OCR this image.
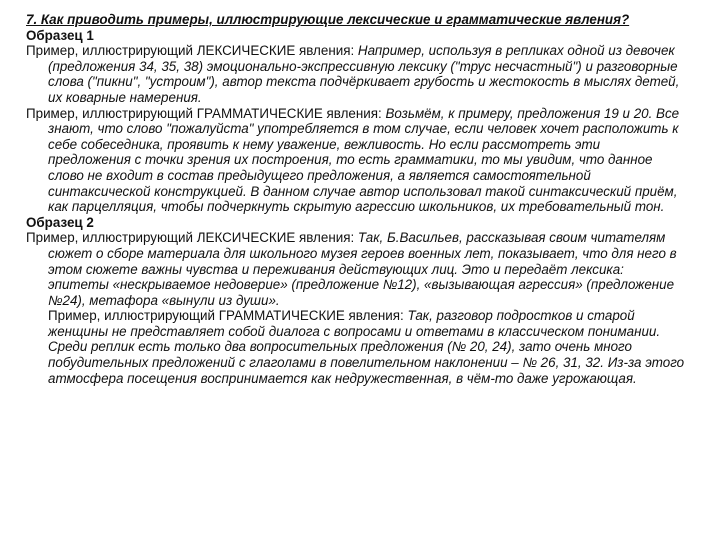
7. Как приводить примеры, иллюстрирующие лексические и грамматические явления?

Образец 1

Пример, иллюстрирующий ЛЕКСИЧЕСКИЕ явления: Например, используя в репликах одной из девочек (предложения 34, 35, 38) эмоционально-экспрессивную лексику ("трус несчастный") и разговорные слова ("пикни", "устроим"), автор текста подчёркивает грубость и жестокость в мыслях детей, их коварные намерения.

Пример, иллюстрирующий ГРАММАТИЧЕСКИЕ явления: Возьмём, к примеру, предложения 19 и 20. Все знают, что слово "пожалуйста" употребляется в том случае, если человек хочет расположить к себе собеседника, проявить к нему уважение, вежливость. Но если рассмотреть эти предложения с точки зрения их построения, то есть грамматики, то мы увидим, что данное слово не входит в состав предыдущего предложения, а является самостоятельной синтаксической конструкцией. В данном случае автор использовал такой синтаксический приём, как парцелляция, чтобы подчеркнуть скрытую агрессию школьников, их требовательный тон.

Образец 2

Пример, иллюстрирующий ЛЕКСИЧЕСКИЕ явления: Так, Б.Васильев, рассказывая своим читателям сюжет о сборе материала для школьного музея героев военных лет, показывает, что для него в этом сюжете важны чувства и переживания действующих лиц. Это и передаёт лексика: эпитеты «нескрываемое недоверие» (предложение №12), «вызывающая агрессия» (предложение №24), метафора «вынули из души».

Пример, иллюстрирующий ГРАММАТИЧЕСКИЕ явления: Так, разговор подростков и старой женщины не представляет собой диалога с вопросами и ответами в классическом понимании. Среди реплик есть только два вопросительных предложения (№ 20, 24), зато очень много побудительных предложений с глаголами в повелительном наклонении – № 26, 31, 32. Из-за этого атмосфера посещения воспринимается как недружественная, в чём-то даже угрожающая.
